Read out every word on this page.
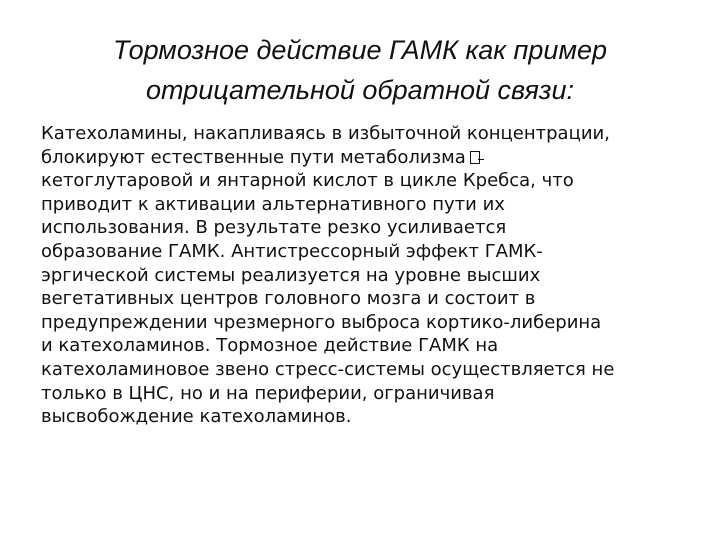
Тормозное действие ГАМК как пример
отрицательной обратной связи:
Катехоламины, накапливаясь в избыточной концентрации,
блокируют естественные пути метаболизма
кетоглутаровой и янтарной кислот в цикле Кребса, что
приводит к активации альтернативного пути их
использования. В результате резко усиливается
образование ГАМК. Антистрессорный эффект ГАМК-
эргической системы реализуется на уровне высших
вегетативных центров головного мозга и состоит в
предупреждении чрезмерного выброса кортико-либерина
и катехоламинов. Тормозное действие ГАМК на
катехоламиновое звено стресс-системы осуществляется не
только в ЦНС, но и на периферии, ограничивая
высвобождение катехоламинов.
